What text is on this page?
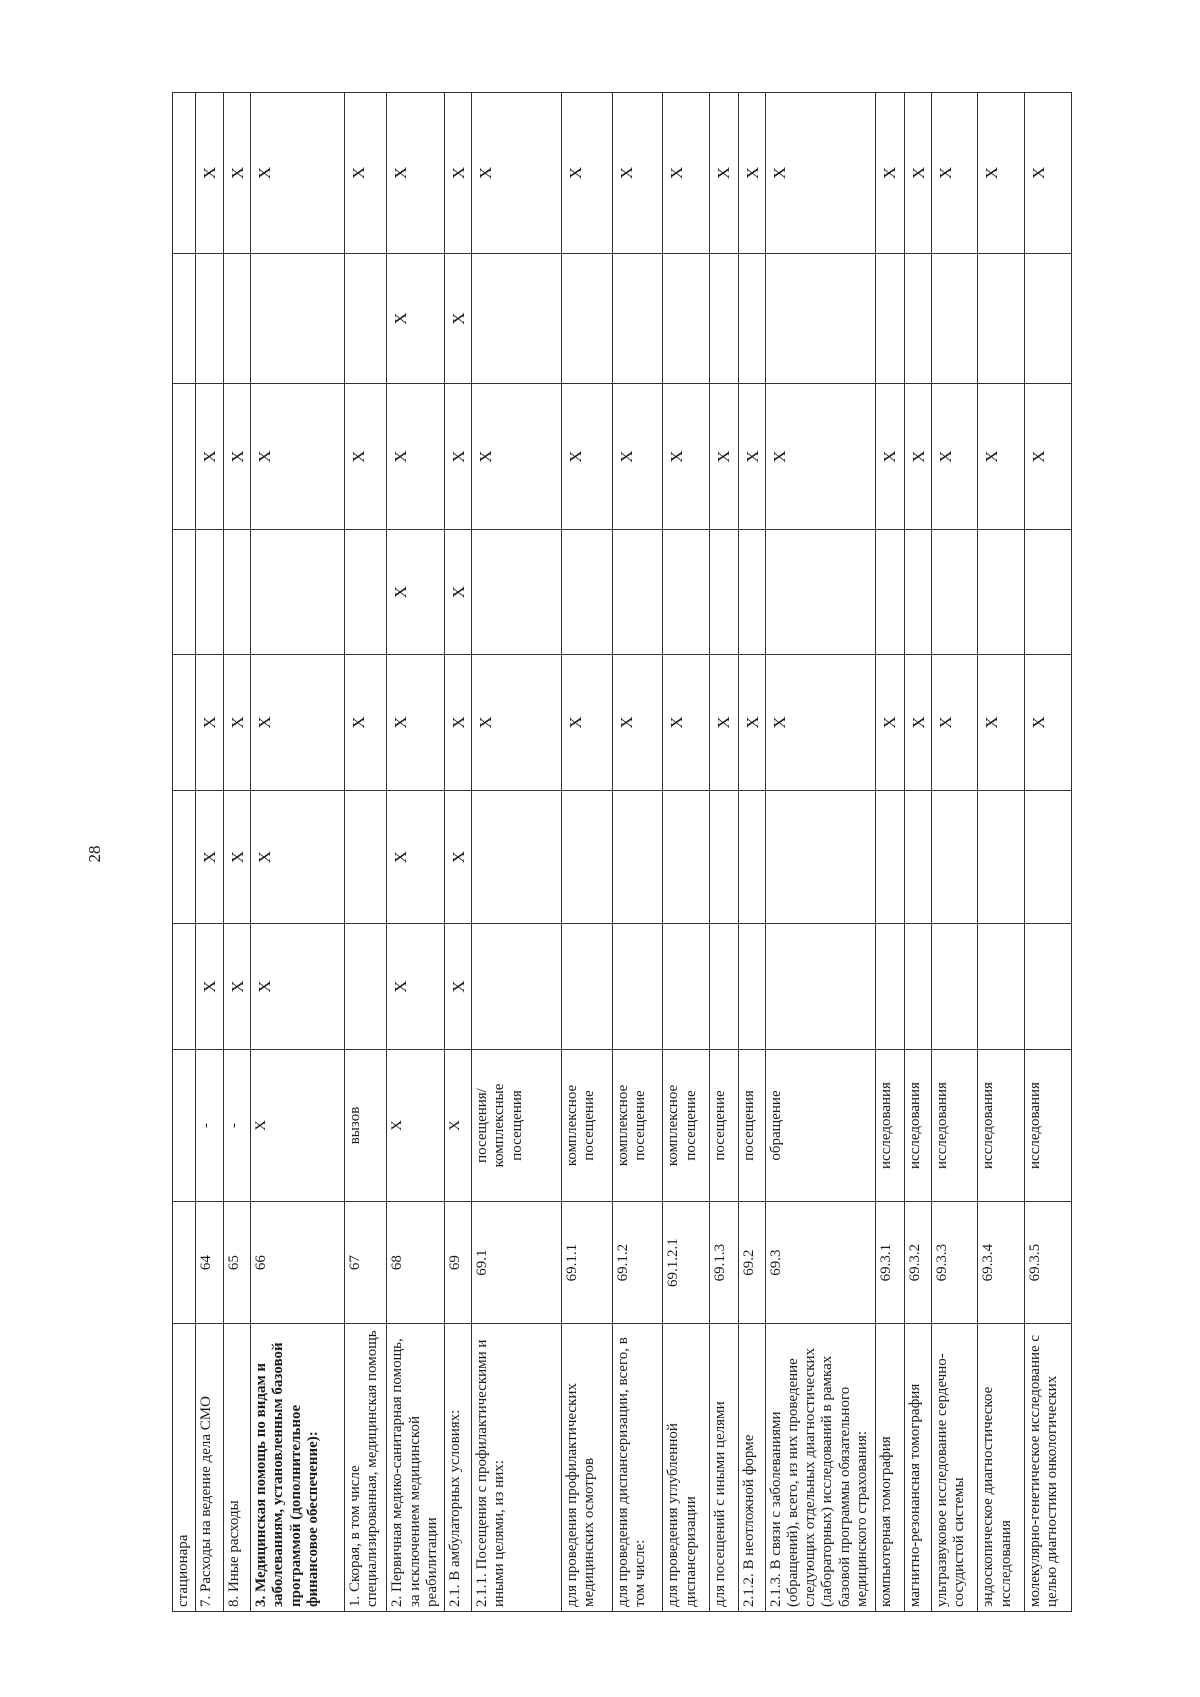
28
стационара									
7. Расходы на ведение дела СМО	64	-	X	X	X		X		X
8. Иные расходы	65	-	X	X	X		X		X
3. Медицинская помощь по видам и заболеваниям, установленным базовой программой (дополнительное финансовое обеспечение):	66	X	X	X	X		X		X
1. Скорая, в том числе специализированная, медицинская помощь	67	вызов			X		X		X
2. Первичная медико-санитарная помощь, за исключением медицинской реабилитации	68	X	X	X	X	X	X	X	X
2.1. В амбулаторных условиях:	69	X	X	X	X	X	X	X	X
2.1.1. Посещения с профилактическими и иными целями, из них:	69.1	посещения/ комплексные посещения			X		X		X
для проведения профилактических медицинских осмотров	69.1.1	комплексное посещение			X		X		X
для проведения диспансеризации, всего, в том числе:	69.1.2	комплексное посещение			X		X		X
для проведения углубленной диспансеризации	69.1.2.1	комплексное посещение			X		X		X
для посещений с иными целями	69.1.3	посещение			X		X		X
2.1.2. В неотложной форме	69.2	посещения			X		X		X
2.1.3. В связи с заболеваниями (обращений), всего, из них проведение следующих отдельных диагностических (лабораторных) исследований в рамках базовой программы обязательного медицинского страхования:	69.3	обращение			X		X		X
компьютерная томография	69.3.1	исследования			X		X		X
магнитно-резонансная томография	69.3.2	исследования			X		X		X
ультразвуковое исследование сердечно-сосудистой системы	69.3.3	исследования			X		X		X
эндоскопическое диагностическое исследования	69.3.4	исследования			X		X		X
молекулярно-генетическое исследование с целью диагностики онкологических	69.3.5	исследования			X		X		X
